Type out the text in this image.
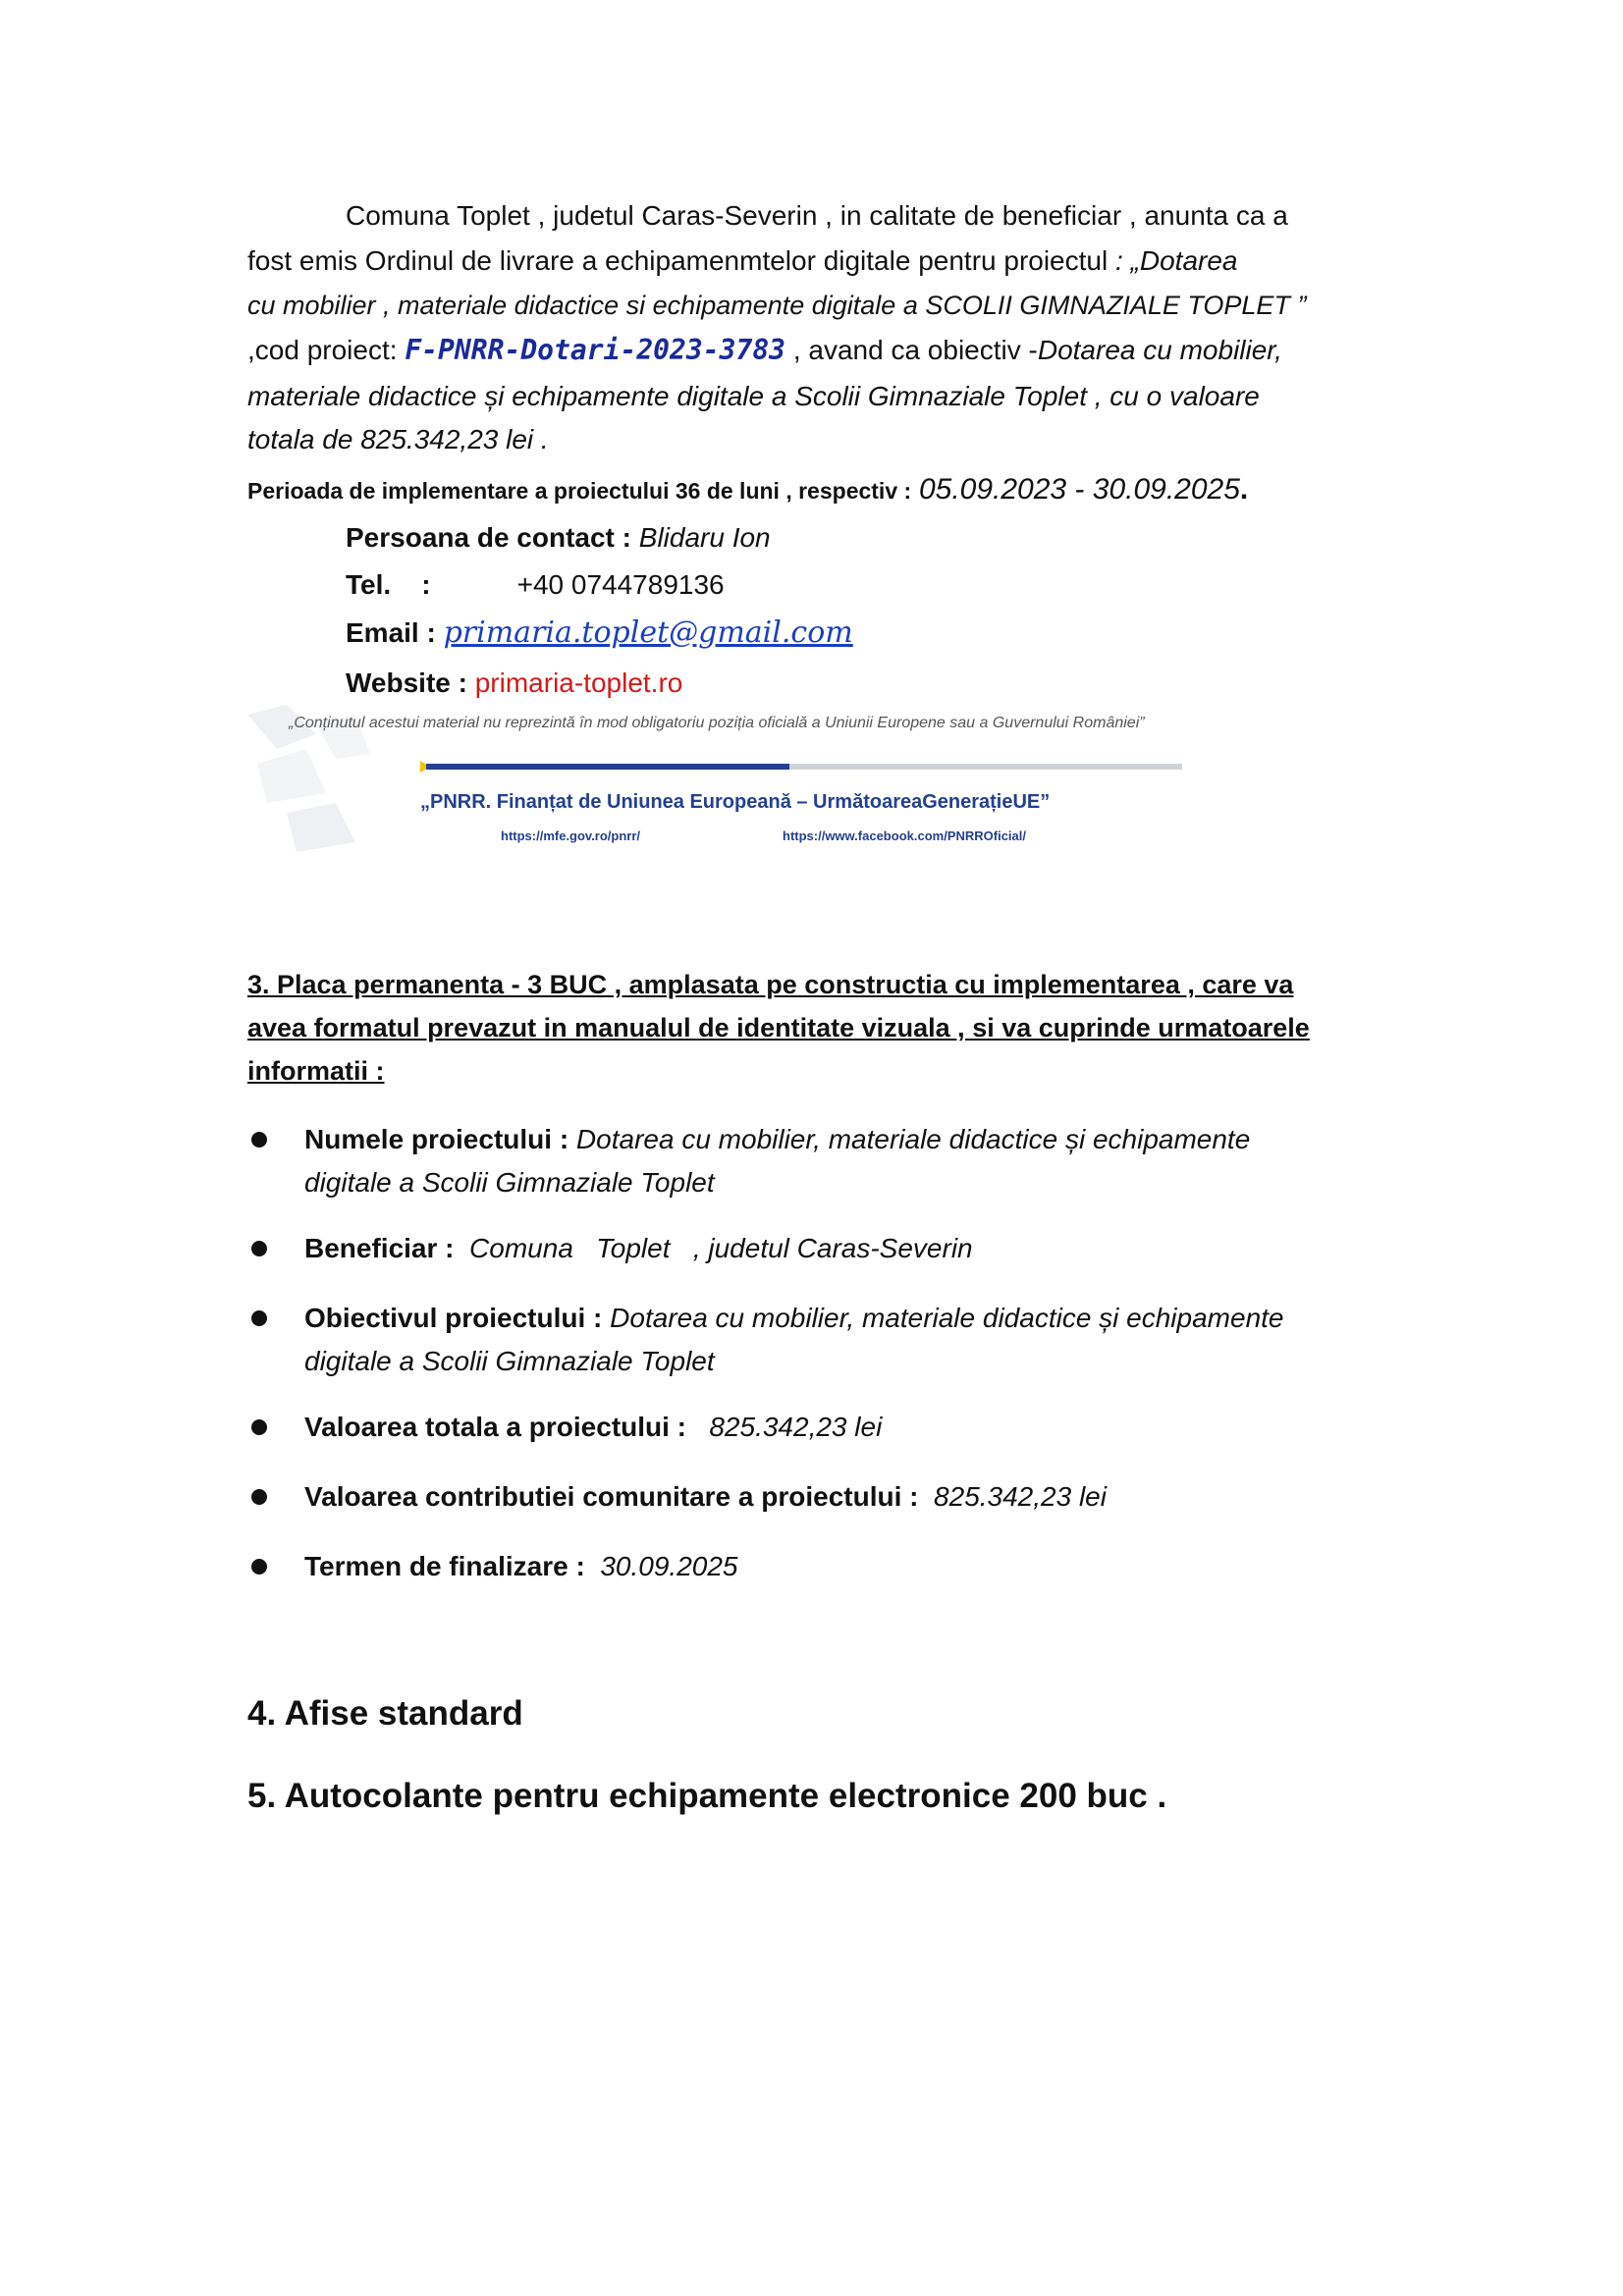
Comuna Toplet , judetul Caras-Severin , in calitate de beneficiar , anunta ca a
fost emis Ordinul de livrare a echipamenmtelor digitale pentru proiectul : „Dotarea
cu mobilier , materiale didactice si echipamente digitale a SCOLII GIMNAZIALE TOPLET ”
,cod proiect: F-PNRR-Dotari-2023-3783 , avand ca obiectiv -Dotarea cu mobilier,
materiale didactice și echipamente digitale a Scolii Gimnaziale Toplet , cu o valoare
totala de 825.342,23 lei .
Perioada de implementare a proiectului 36 de luni , respectiv : 05.09.2023 - 30.09.2025.
Persoana de contact : Blidaru Ion
Tel.    :	+40 0744789136
Email : primaria.toplet@gmail.com
Website : primaria-toplet.ro
„Conținutul acestui material nu reprezintă în mod obligatoriu poziția oficială a Uniunii Europene sau a Guvernului României”
„PNRR. Finanțat de Uniunea Europeană – UrmătoareaGenerațieUE”
https://mfe.gov.ro/pnrr/	https://www.facebook.com/PNRROficial/
3. Placa permanenta - 3 BUC , amplasata pe constructia cu implementarea , care va
avea formatul prevazut in manualul de identitate vizuala , si va cuprinde urmatoarele
informatii :
Numele proiectului : Dotarea cu mobilier, materiale didactice și echipamente
digitale a Scolii Gimnaziale Toplet
Beneficiar :  Comuna   Toplet   , judetul Caras-Severin
Obiectivul proiectului : Dotarea cu mobilier, materiale didactice și echipamente
digitale a Scolii Gimnaziale Toplet
Valoarea totala a proiectului :   825.342,23 lei
Valoarea contributiei comunitare a proiectului :  825.342,23 lei
Termen de finalizare :  30.09.2025
4. Afise standard
5. Autocolante pentru echipamente electronice 200 buc .
